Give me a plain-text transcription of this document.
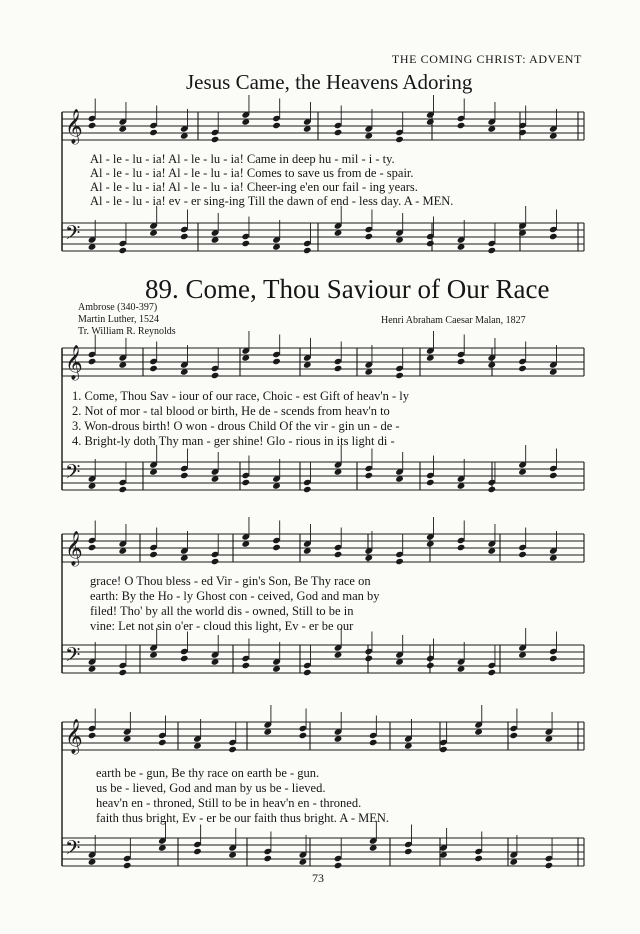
THE COMING CHRIST: ADVENT
Jesus Came, the Heavens Adoring
Al - le - lu - ia! Al - le - lu - ia! Came in deep hu - mil - i - ty.
Al - le - lu - ia! Al - le - lu - ia! Comes to save us from de - spair.
Al - le - lu - ia! Al - le - lu - ia! Cheer-ing e'en our fail - ing years.
Al - le - lu - ia! ev - er sing-ing Till the dawn of end - less day. A - MEN.
89. Come, Thou Saviour of Our Race
Ambrose (340-397)
Martin Luther, 1524
Tr. William R. Reynolds
Henri Abraham Caesar Malan, 1827
1. Come, Thou Sav - iour of our race, Choic - est Gift of heav'n - ly
2. Not of mor - tal blood or birth, He de - scends from heav'n to
3. Won-drous birth! O won - drous Child Of the vir - gin un - de -
4. Bright-ly doth Thy man - ger shine! Glo - rious in its light di -
grace! O Thou bless - ed Vir - gin's Son, Be Thy race on
earth: By the Ho - ly Ghost con - ceived, God and man by
filed! Tho' by all the world dis - owned, Still to be in
vine: Let not sin o'er - cloud this light, Ev - er be our
earth be - gun, Be thy race on earth be - gun.
us be - lieved, God and man by us be - lieved.
heav'n en - throned, Still to be in heav'n en - throned.
faith thus bright, Ev - er be our faith thus bright. A - MEN.
73
𝄞
𝄢
𝄞
𝄢
𝄞
𝄢
𝄞
𝄢
